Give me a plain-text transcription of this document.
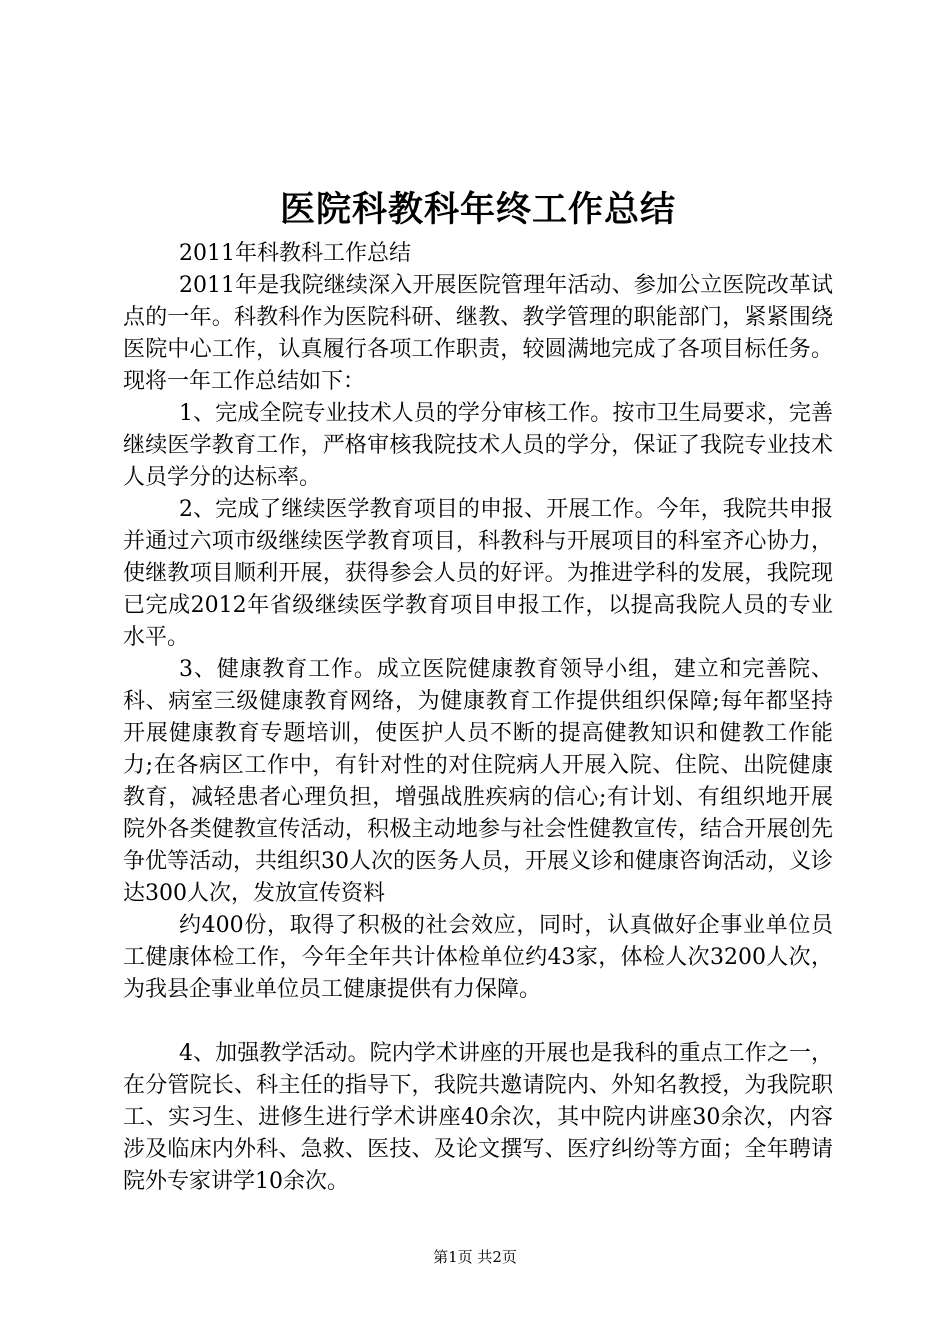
医院科教科年终工作总结

2011年科教科工作总结

2011年是我院继续深入开展医院管理年活动、参加公立医院改革试点的一年。科教科作为医院科研、继教、教学管理的职能部门，紧紧围绕医院中心工作，认真履行各项工作职责，较圆满地完成了各项目标任务。现将一年工作总结如下：

1、完成全院专业技术人员的学分审核工作。按市卫生局要求，完善继续医学教育工作，严格审核我院技术人员的学分，保证了我院专业技术人员学分的达标率。

2、完成了继续医学教育项目的申报、开展工作。今年，我院共申报并通过六项市级继续医学教育项目，科教科与开展项目的科室齐心协力，使继教项目顺利开展，获得参会人员的好评。为推进学科的发展，我院现已完成2012年省级继续医学教育项目申报工作，以提高我院人员的专业水平。

3、健康教育工作。成立医院健康教育领导小组，建立和完善院、科、病室三级健康教育网络，为健康教育工作提供组织保障;每年都坚持开展健康教育专题培训，使医护人员不断的提高健教知识和健教工作能力;在各病区工作中，有针对性的对住院病人开展入院、住院、出院健康教育，减轻患者心理负担，增强战胜疾病的信心;有计划、有组织地开展院外各类健教宣传活动，积极主动地参与社会性健教宣传，结合开展创先争优等活动，共组织30人次的医务人员，开展义诊和健康咨询活动，义诊达300人次，发放宣传资料

约400份，取得了积极的社会效应，同时，认真做好企事业单位员工健康体检工作，今年全年共计体检单位约43家，体检人次3200人次，为我县企事业单位员工健康提供有力保障。

4、加强教学活动。院内学术讲座的开展也是我科的重点工作之一，在分管院长、科主任的指导下，我院共邀请院内、外知名教授，为我院职工、实习生、进修生进行学术讲座40余次，其中院内讲座30余次，内容涉及临床内外科、急救、医技、及论文撰写、医疗纠纷等方面；全年聘请院外专家讲学10余次。

第1页 共2页
